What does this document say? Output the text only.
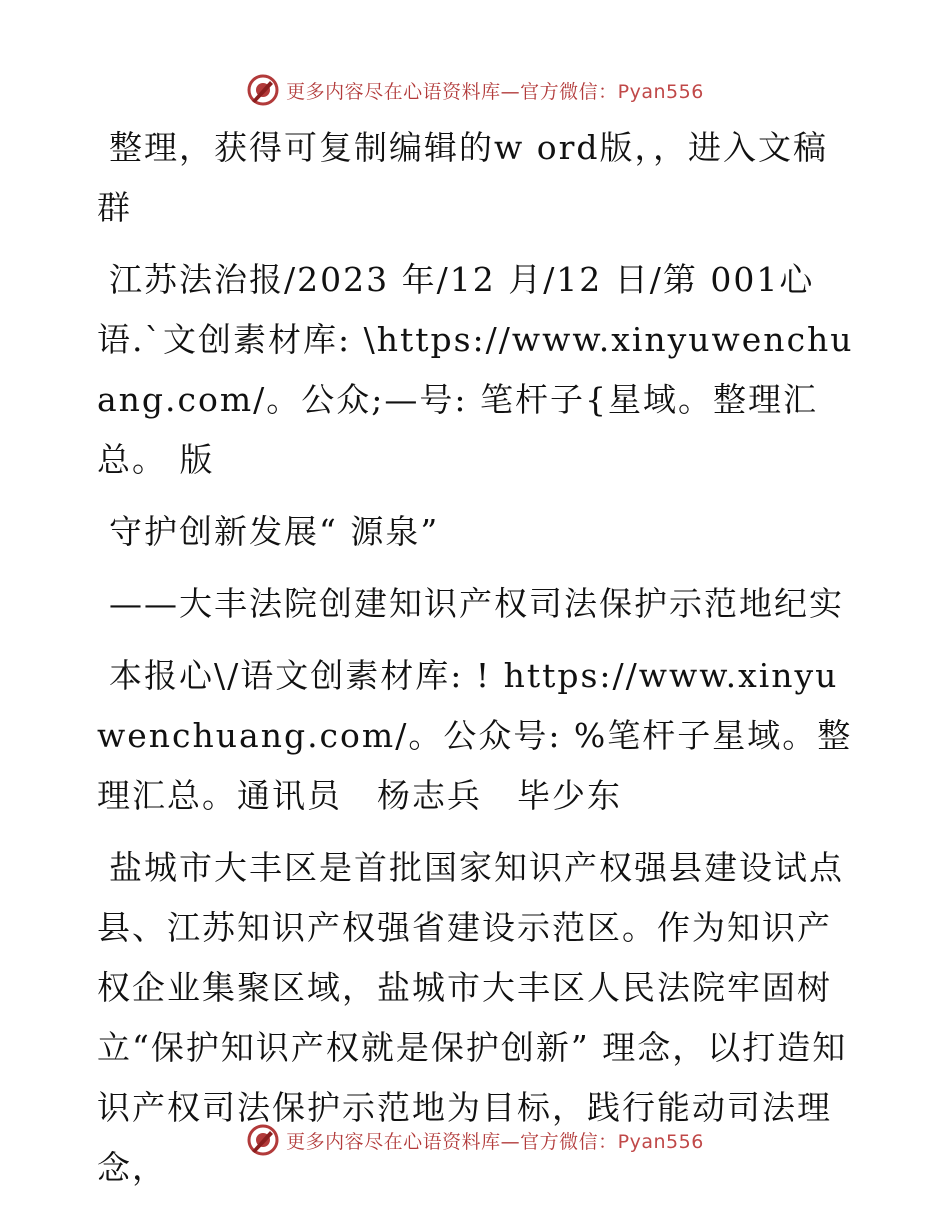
更多内容尽在心语资料库—官方微信：Pyan556

整理，获得可复制编辑的w ord版，，进入文稿群

江苏法治报/2023 年/12 月/12 日/第 001心语.`文创素材库: \https://www.xinyuwenchuang.com/。公众;—号: 笔杆子{星域。整理汇总。 版

守护创新发展“ 源泉”

——大丰法院创建知识产权司法保护示范地纪实

本报心\/语文创素材库: ! https://www.xinyuwenchuang.com/。公众号: %笔杆子星域。整理汇总。通讯员　杨志兵　毕少东

盐城市大丰区是首批国家知识产权强县建设试点县、江苏知识产权强省建设示范区。作为知识产权企业集聚区域，盐城市大丰区人民法院牢固树立“保护知识产权就是保护创新” 理念，以打造知识产权司法保护示范地为目标，践行能动司法理念，

更多内容尽在心语资料库—官方微信：Pyan556
